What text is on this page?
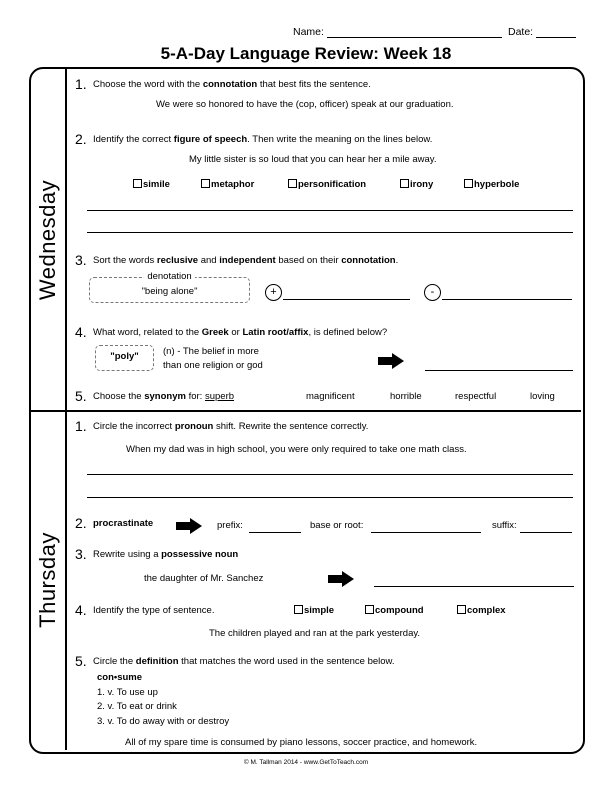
Name:	Date:
5-A-Day Language Review: Week 18
Wednesday
Thursday
1. Choose the word with the connotation that best fits the sentence.
We were so honored to have the (cop, officer) speak at our graduation.
2. Identify the correct figure of speech. Then write the meaning on the lines below.
My little sister is so loud that you can hear her a mile away.
simile	metaphor	personification	irony	hyperbole
3. Sort the words reclusive and independent based on their connotation.
denotation
"being alone"	+	-
4. What word, related to the Greek or Latin root/affix, is defined below?
"poly"	(n) - The belief in more
than one religion or god
5. Choose the synonym for: superb	magnificent	horrible	respectful	loving
1. Circle the incorrect pronoun shift. Rewrite the sentence correctly.
When my dad was in high school, you were only required to take one math class.
2. procrastinate	prefix:	base or root:	suffix:
3. Rewrite using a possessive noun
the daughter of Mr. Sanchez
4. Identify the type of sentence.	simple	compound	complex
The children played and ran at the park yesterday.
5. Circle the definition that matches the word used in the sentence below.
con•sume
1. v. To use up
2. v. To eat or drink
3. v. To do away with or destroy
All of my spare time is consumed by piano lessons, soccer practice, and homework.
© M. Tallman 2014 - www.GetToTeach.com
